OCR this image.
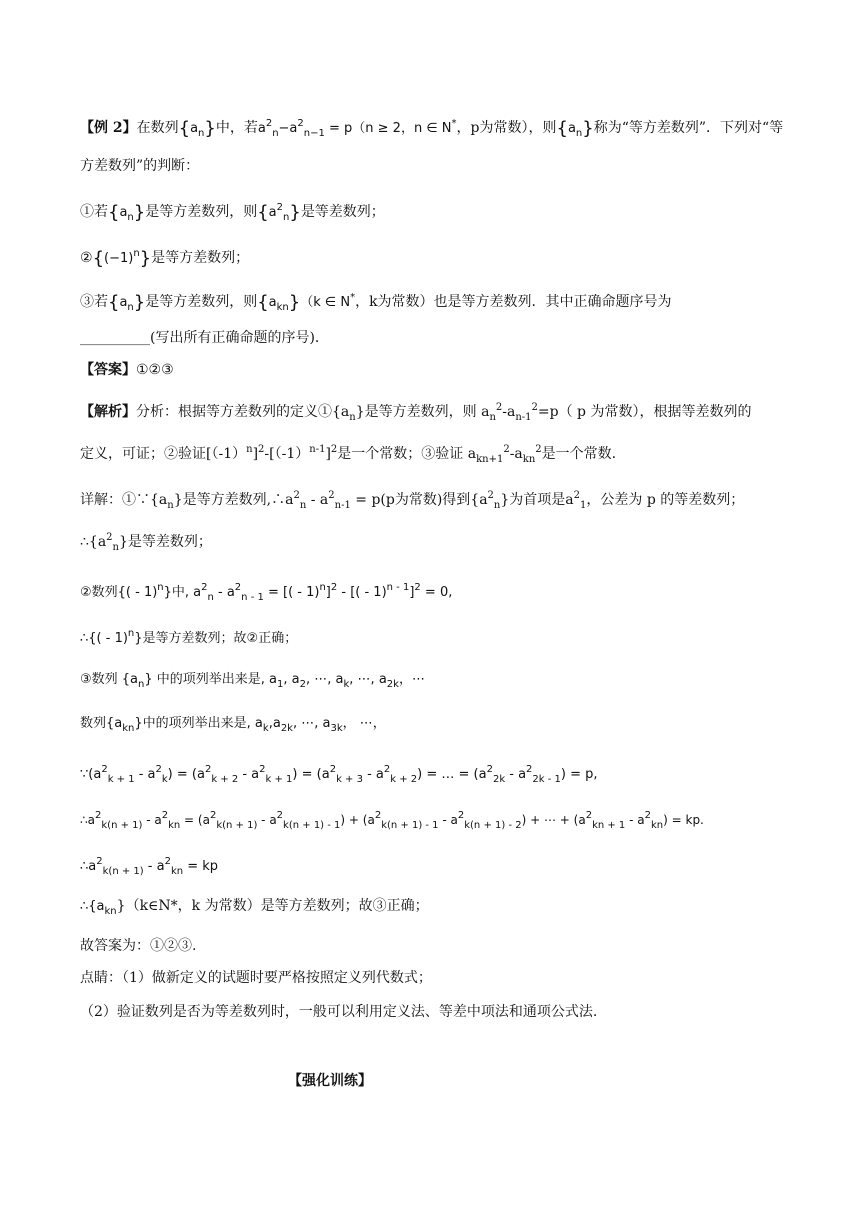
【例 2】在数列$\{a_n\}$中，若$a^2_n-a^2_{n-1} = p(n \ge 2$，n ∈ N*，p为常数），则$\{a_n\}$称为“等方差数列”．下列对“等
方差数列”的判断：
①若$\{a_n\}$是等方差数列，则$\{a^2_n\}$是等差数列；
$②\{(-1)^n\}$是等方差数列；
③若$\{a_n\}$是等方差数列，则$\{a_{kn}\}(k$ ∈ N*，k为常数）也是等方差数列．其中正确命题序号为
__________(写出所有正确命题的序号)．
【答案】①②③
【解析】分析：根据等方差数列的定义$①\{a_n\}$是等方差数列，则 $a_n^2-a_{n-1}^2=p$（ p 为常数），根据等差数列的
定义，可证；②验证$[(-1)^n]^2-[(-1)^{n-1}]^2$是一个常数；③验证 $a_{kn+1}^2-a_{kn}^2$是一个常数.
详解：$①\because\{a_n\}$是等方差数列$,\therefore a^2_n - a^2_{n-1} = p(p$为常数)得到$\{a^2_n\}$为首项是$a^2_1$，公差为 p 的等差数列；
$\therefore\{a^2_n\}$是等差数列；
②数列{( - 1)$^n$}中, $a^2_n - a^2_{n - 1}$ = [( - 1)$^n$]$^2$ - [( - 1)$^{n - 1}$]$^2$ = 0,
∴{( - 1)$^n$}是等方差数列；故②正确；
③数列 $\{a_n\}$ 中的项列举出来是, $a_1$, $a_2$, ⋯, $a_k$, ⋯, $a_{2k}$，⋯
数列$\{a_{kn}\}$中的项列举出来是, $a_k,a_{2k}$, ⋯, $a_{3k}$， ⋯，
$\because(a^2_{k + 1} - a^2_k) = (a^2_{k + 2} - a^2_{k + 1}) = (a^2_{k + 3} - a^2_{k + 2})$ = … = $(a^2_{2k} - a^2_{2k - 1}) = p$,
$\therefore a^2_{k(n + 1)} - a^2_{kn} = (a^2_{k(n + 1)} - a^2_{k(n + 1) - 1}) + (a^2_{k(n + 1) - 1} - a^2_{k(n + 1) - 2})$ + ⋯ + $(a^2_{kn + 1} - a^2_{kn})$ = kp.
$\therefore a^2_{k(n + 1)} - a^2_{kn}$ = kp
$\therefore\{a_{kn}\}(k\in N*$，k 为常数）是等方差数列；故③正确；
故答案为：①②③.
点睛：（1）做新定义的试题时要严格按照定义列代数式；
（2）验证数列是否为等差数列时，一般可以利用定义法、等差中项法和通项公式法.
【强化训练】
